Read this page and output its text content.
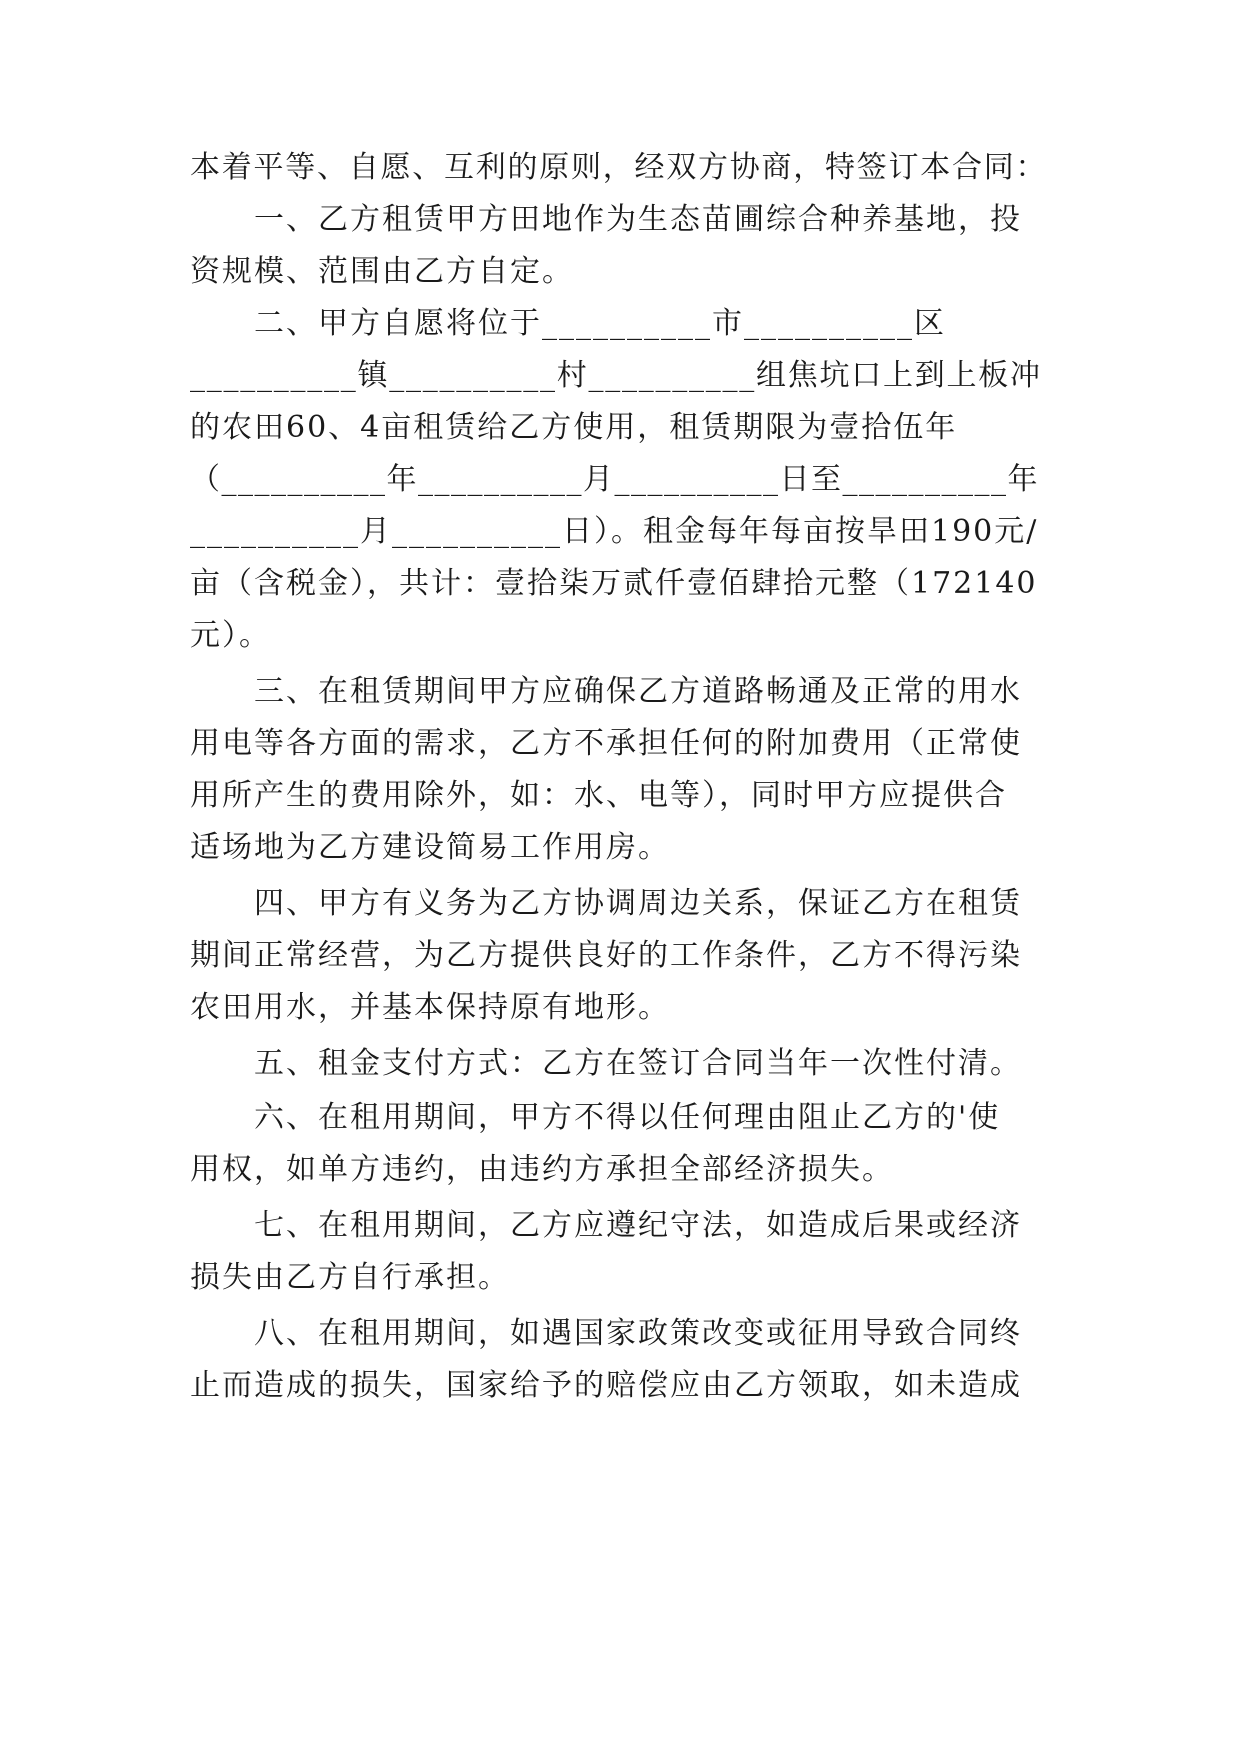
本着平等、自愿、互利的原则，经双方协商，特签订本合同：
　　一、乙方租赁甲方田地作为生态苗圃综合种养基地，投
资规模、范围由乙方自定。
　　二、甲方自愿将位于__________市__________区
__________镇__________村__________组焦坑口上到上板冲
的农田60、4亩租赁给乙方使用，租赁期限为壹拾伍年
（__________年__________月__________日至__________年
__________月__________日）。租金每年每亩按旱田190元/
亩（含税金），共计：壹拾柒万贰仟壹佰肆拾元整（172140
元）。
　　三、在租赁期间甲方应确保乙方道路畅通及正常的用水
用电等各方面的需求，乙方不承担任何的附加费用（正常使
用所产生的费用除外，如：水、电等），同时甲方应提供合
适场地为乙方建设简易工作用房。
　　四、甲方有义务为乙方协调周边关系，保证乙方在租赁
期间正常经营，为乙方提供良好的工作条件，乙方不得污染
农田用水，并基本保持原有地形。
　　五、租金支付方式：乙方在签订合同当年一次性付清。
　　六、在租用期间，甲方不得以任何理由阻止乙方的'使
用权，如单方违约，由违约方承担全部经济损失。
　　七、在租用期间，乙方应遵纪守法，如造成后果或经济
损失由乙方自行承担。
　　八、在租用期间，如遇国家政策改变或征用导致合同终
止而造成的损失，国家给予的赔偿应由乙方领取，如未造成
